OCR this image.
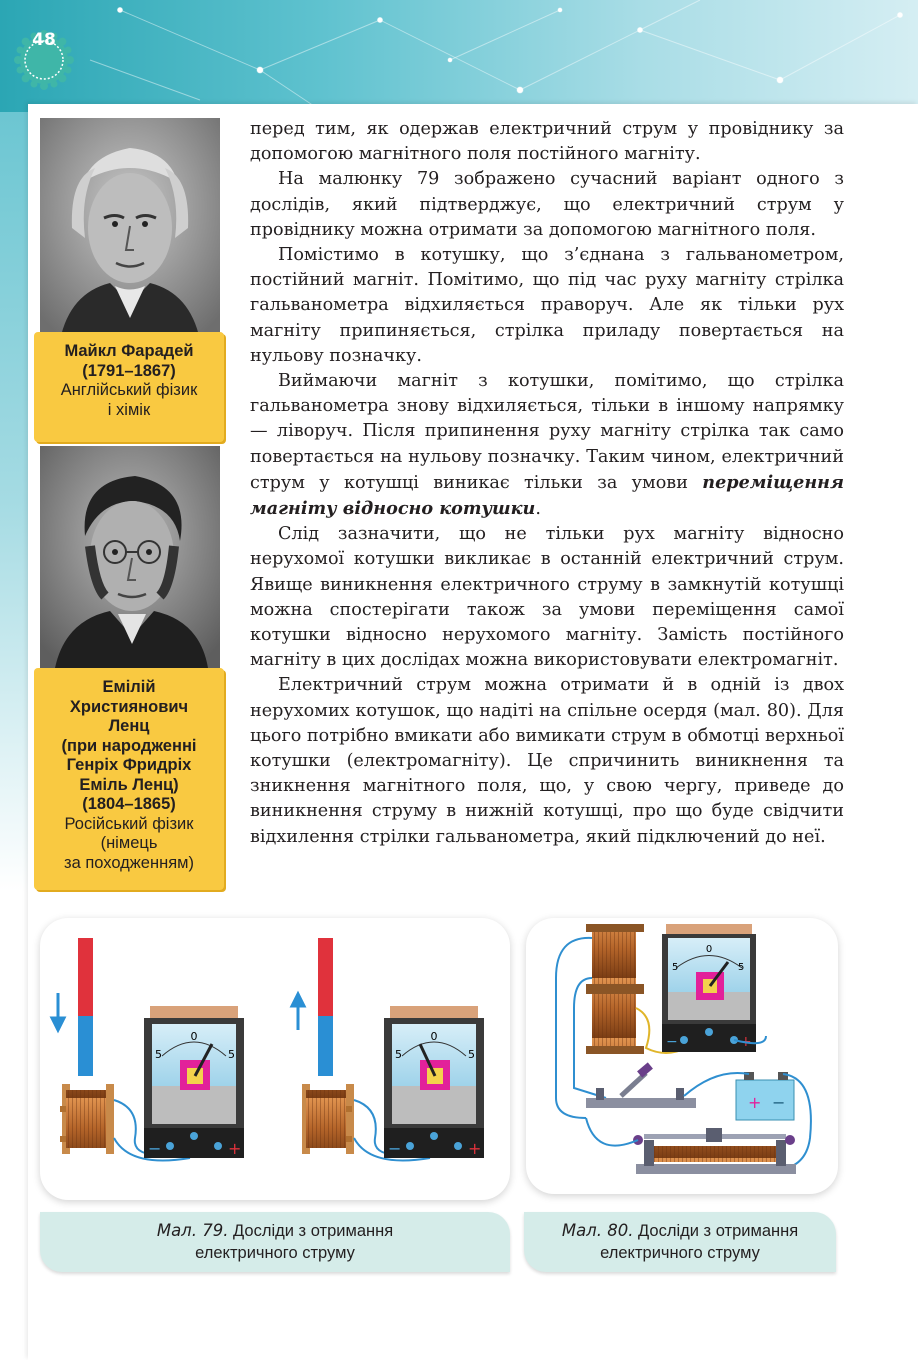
48
Майкл Фарадей
(1791–1867)
Англійський фізик
і хімік
Емілій
Християнович
Ленц
(при народженні
Генріх Фридріх
Еміль Ленц)
(1804–1865)
Російський фізик
(німець
за походженням)

перед тим, як одержав електричний струм у провіднику за допомогою магнітного поля постійного магніту.

На малюнку 79 зображено сучасний варіант одного з дослідів, який підтверджує, що електричний струм у провіднику можна отримати за допомогою магнітного поля.

Помістимо в котушку, що з’єднана з гальванометром, постійний магніт. Помітимо, що під час руху магніту стрілка гальванометра відхиляється праворуч. Але як тільки рух магніту припиняється, стрілка приладу повертається на нульову позначку.

Виймаючи магніт з котушки, помітимо, що стрілка гальванометра знову відхиляється, тільки в іншому напрямку — ліворуч. Після припинення руху магніту стрілка так само повертається на нульову позначку. Таким чином, електричний струм у котушці виникає тільки за умови переміщення магніту відносно котушки.

Слід зазначити, що не тільки рух магніту відносно нерухомої котушки викликає в останній електричний струм. Явище виникнення електричного струму в замкнутій котушці можна спостерігати також за умови переміщення самої котушки відносно нерухомого магніту. Замість постійного магніту в цих дослідах можна використовувати електромагніт.

Електричний струм можна отримати й в одній із двох нерухомих котушок, що надіті на спільне осердя (мал. 80). Для цього потрібно вмикати або вимикати струм в обмотці верхньої котушки (електромагніту). Це спричинить виникнення та зникнення магнітного поля, що, у свою чергу, приведе до виникнення струму в нижній котушці, про що буде свідчити відхилення стрілки гальванометра, який підключений до неї.

0
5	5
−	+
0
5	5
−	+
0
5	5
−	+
+ −
Мал. 79. Досліди з отримання
електричного струму
Мал. 80. Досліди з отримання
електричного струму
